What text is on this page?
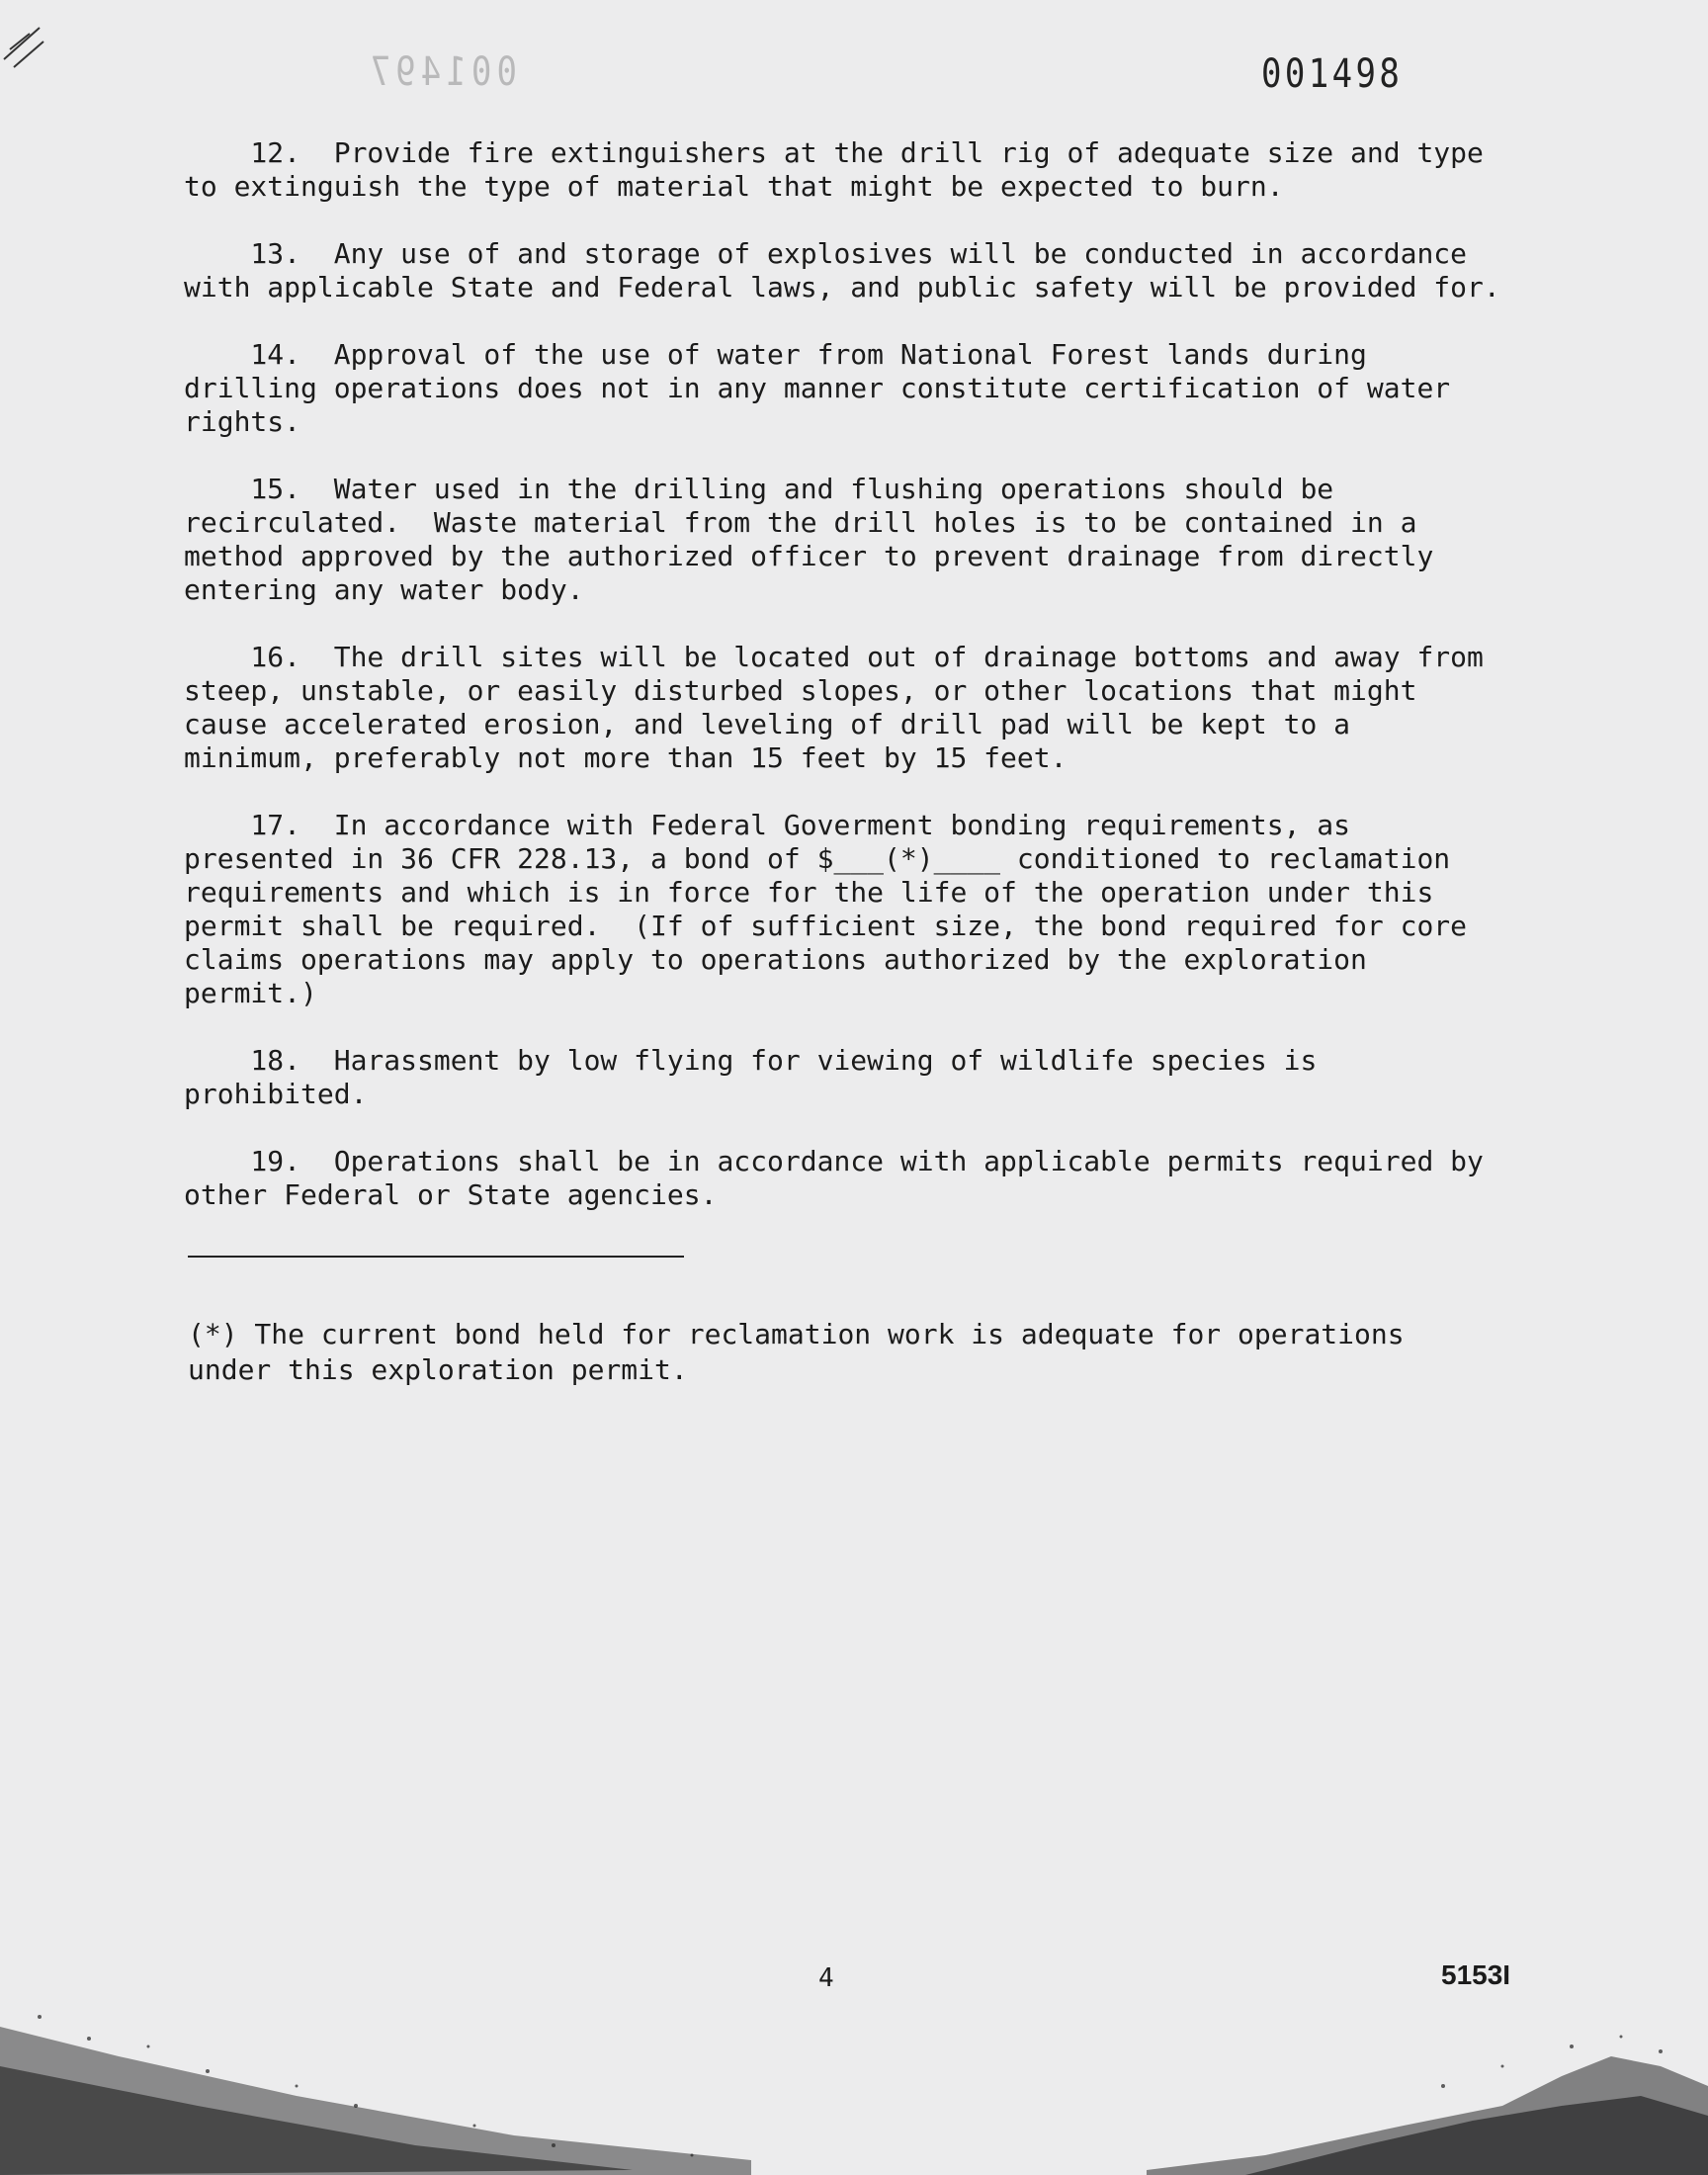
001497	001498
12.  Provide fire extinguishers at the drill rig of adequate size and type
to extinguish the type of material that might be expected to burn.
13.  Any use of and storage of explosives will be conducted in accordance
with applicable State and Federal laws, and public safety will be provided for.
14.  Approval of the use of water from National Forest lands during
drilling operations does not in any manner constitute certification of water
rights.
15.  Water used in the drilling and flushing operations should be
recirculated.  Waste material from the drill holes is to be contained in a
method approved by the authorized officer to prevent drainage from directly
entering any water body.
16.  The drill sites will be located out of drainage bottoms and away from
steep, unstable, or easily disturbed slopes, or other locations that might
cause accelerated erosion, and leveling of drill pad will be kept to a
minimum, preferably not more than 15 feet by 15 feet.
17.  In accordance with Federal Goverment bonding requirements, as
presented in 36 CFR 228.13, a bond of $___(*)____ conditioned to reclamation
requirements and which is in force for the life of the operation under this
permit shall be required.  (If of sufficient size, the bond required for core
claims operations may apply to operations authorized by the exploration
permit.)
18.  Harassment by low flying for viewing of wildlife species is
prohibited.
19.  Operations shall be in accordance with applicable permits required by
other Federal or State agencies.
(*) The current bond held for reclamation work is adequate for operations
under this exploration permit.
4	5153I
